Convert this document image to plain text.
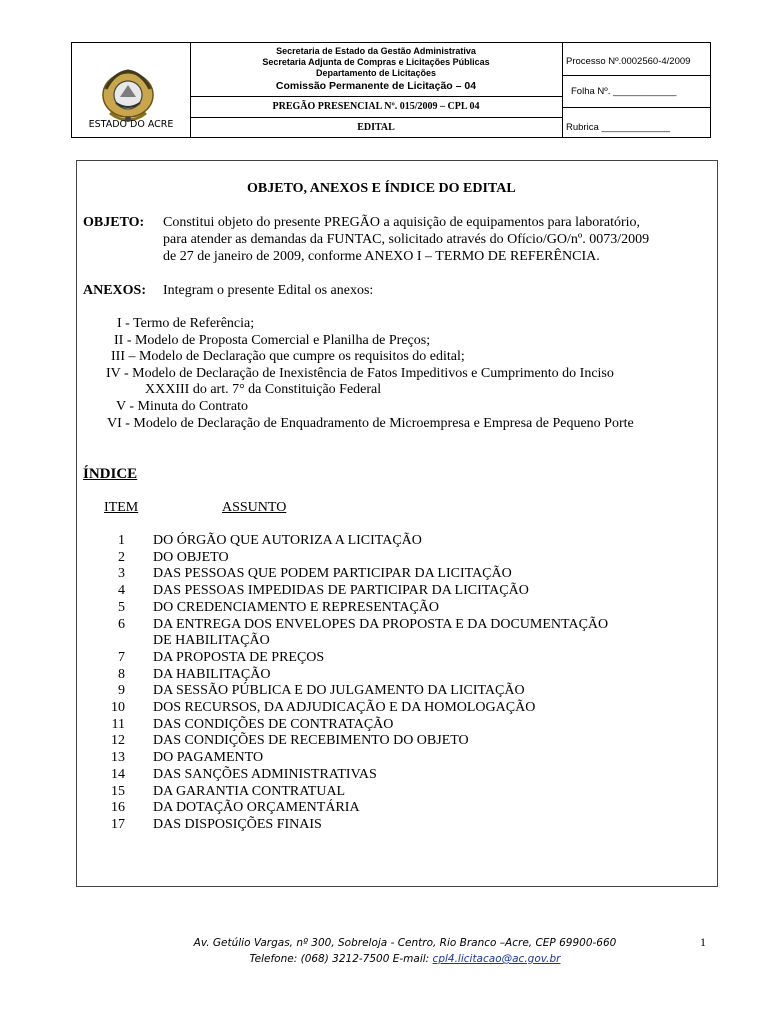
ESTADO DO ACRE
Secretaria de Estado da Gestão Administrativa
Secretaria Adjunta de Compras e Licitações Públicas
Departamento de Licitações
Comissão Permanente de Licitação – 04
PREGÃO PRESENCIAL Nº. 015/2009 – CPL 04
EDITAL
Processo Nº.0002560-4/2009
Folha Nº. ____________
Rubrica _____________
OBJETO, ANEXOS E ÍNDICE DO EDITAL
OBJETO: Constitui objeto do presente PREGÃO a aquisição de equipamentos para laboratório,
para atender as demandas da FUNTAC, solicitado através do Ofício/GO/nº. 0073/2009
de 27 de janeiro de 2009, conforme ANEXO I – TERMO DE REFERÊNCIA.
ANEXOS: Integram o presente Edital os anexos:
I - Termo de Referência;
II - Modelo de Proposta Comercial e Planilha de Preços;
III – Modelo de Declaração que cumpre os requisitos do edital;
IV - Modelo de Declaração de Inexistência de Fatos Impeditivos e Cumprimento do Inciso
XXXIII do art. 7° da Constituição Federal
V - Minuta do Contrato
VI - Modelo de Declaração de Enquadramento de Microempresa e Empresa de Pequeno Porte
ÍNDICE
ITEM	ASSUNTO
1
2
3
4
5
6
7
8
9
10
11
12
13
14
15
16
17
DO ÓRGÃO QUE AUTORIZA A LICITAÇÃO
DO OBJETO
DAS PESSOAS QUE PODEM PARTICIPAR DA LICITAÇÃO
DAS PESSOAS IMPEDIDAS DE PARTICIPAR DA LICITAÇÃO
DO CREDENCIAMENTO E REPRESENTAÇÃO
DA ENTREGA DOS ENVELOPES DA PROPOSTA E DA DOCUMENTAÇÃO
DE HABILITAÇÃO
DA PROPOSTA DE PREÇOS
DA HABILITAÇÃO
DA SESSÃO PÚBLICA E DO JULGAMENTO DA LICITAÇÃO
DOS RECURSOS, DA ADJUDICAÇÃO E DA HOMOLOGAÇÃO
DAS CONDIÇÕES DE CONTRATAÇÃO
DAS CONDIÇÕES DE RECEBIMENTO DO OBJETO
DO PAGAMENTO
DAS SANÇÕES ADMINISTRATIVAS
DA GARANTIA CONTRATUAL
DA DOTAÇÃO ORÇAMENTÁRIA
DAS DISPOSIÇÕES FINAIS
Av. Getúlio Vargas, nº 300, Sobreloja - Centro, Rio Branco –Acre, CEP 69900-660
Telefone: (068) 3212-7500 E-mail: cpl4.licitacao@ac.gov.br
1
